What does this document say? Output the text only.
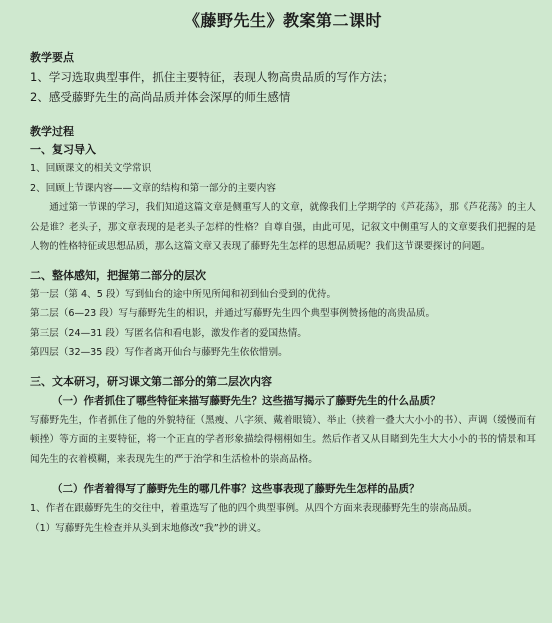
《藤野先生》教案第二课时
教学要点
1、学习选取典型事件，抓住主要特征，表现人物高贵品质的写作方法；
2、感受藤野先生的高尚品质并体会深厚的师生感情
教学过程
一、复习导入
1、回顾课文的相关文学常识
2、回顾上节课内容——文章的结构和第一部分的主要内容
通过第一节课的学习，我们知道这篇文章是侧重写人的文章，就像我们上学期学的《芦花荡》，那《芦花荡》的主人公是谁？老头子，那文章表现的是老头子怎样的性格？自尊自强，由此可见，记叙文中侧重写人的文章要我们把握的是人物的性格特征或思想品质，那么这篇文章又表现了藤野先生怎样的思想品质呢？我们这节课要探讨的问题。
二、整体感知，把握第二部分的层次
第一层（第 4、5 段）写到仙台的途中所见所闻和初到仙台受到的优待。
第二层（6—23 段）写与藤野先生的相识，并通过写藤野先生四个典型事例赞扬他的高贵品质。
第三层（24—31 段）写匿名信和看电影，激发作者的爱国热情。
第四层（32—35 段）写作者离开仙台与藤野先生依依惜别。
三、文本研习，研习课文第二部分的第二层次内容
（一）作者抓住了哪些特征来描写藤野先生？这些描写揭示了藤野先生的什么品质？
写藤野先生，作者抓住了他的外貌特征（黑瘦、八字须、戴着眼镜）、举止（挟着一叠大大小小的书）、声调（缓慢而有顿挫）等方面的主要特征，将一个正直的学者形象描绘得栩栩如生。然后作者又从目睹到先生大大小小的书的情景和耳闻先生的衣着模糊，来表现先生的严于治学和生活检朴的崇高品格。
（二）作者着得写了藤野先生的哪几件事？这些事表现了藤野先生怎样的品质？
1、作者在跟藤野先生的交往中，着重选写了他的四个典型事例。从四个方面来表现藤野先生的崇高品质。
（1）写藤野先生检查并从头到末地修改“我”抄的讲义。
